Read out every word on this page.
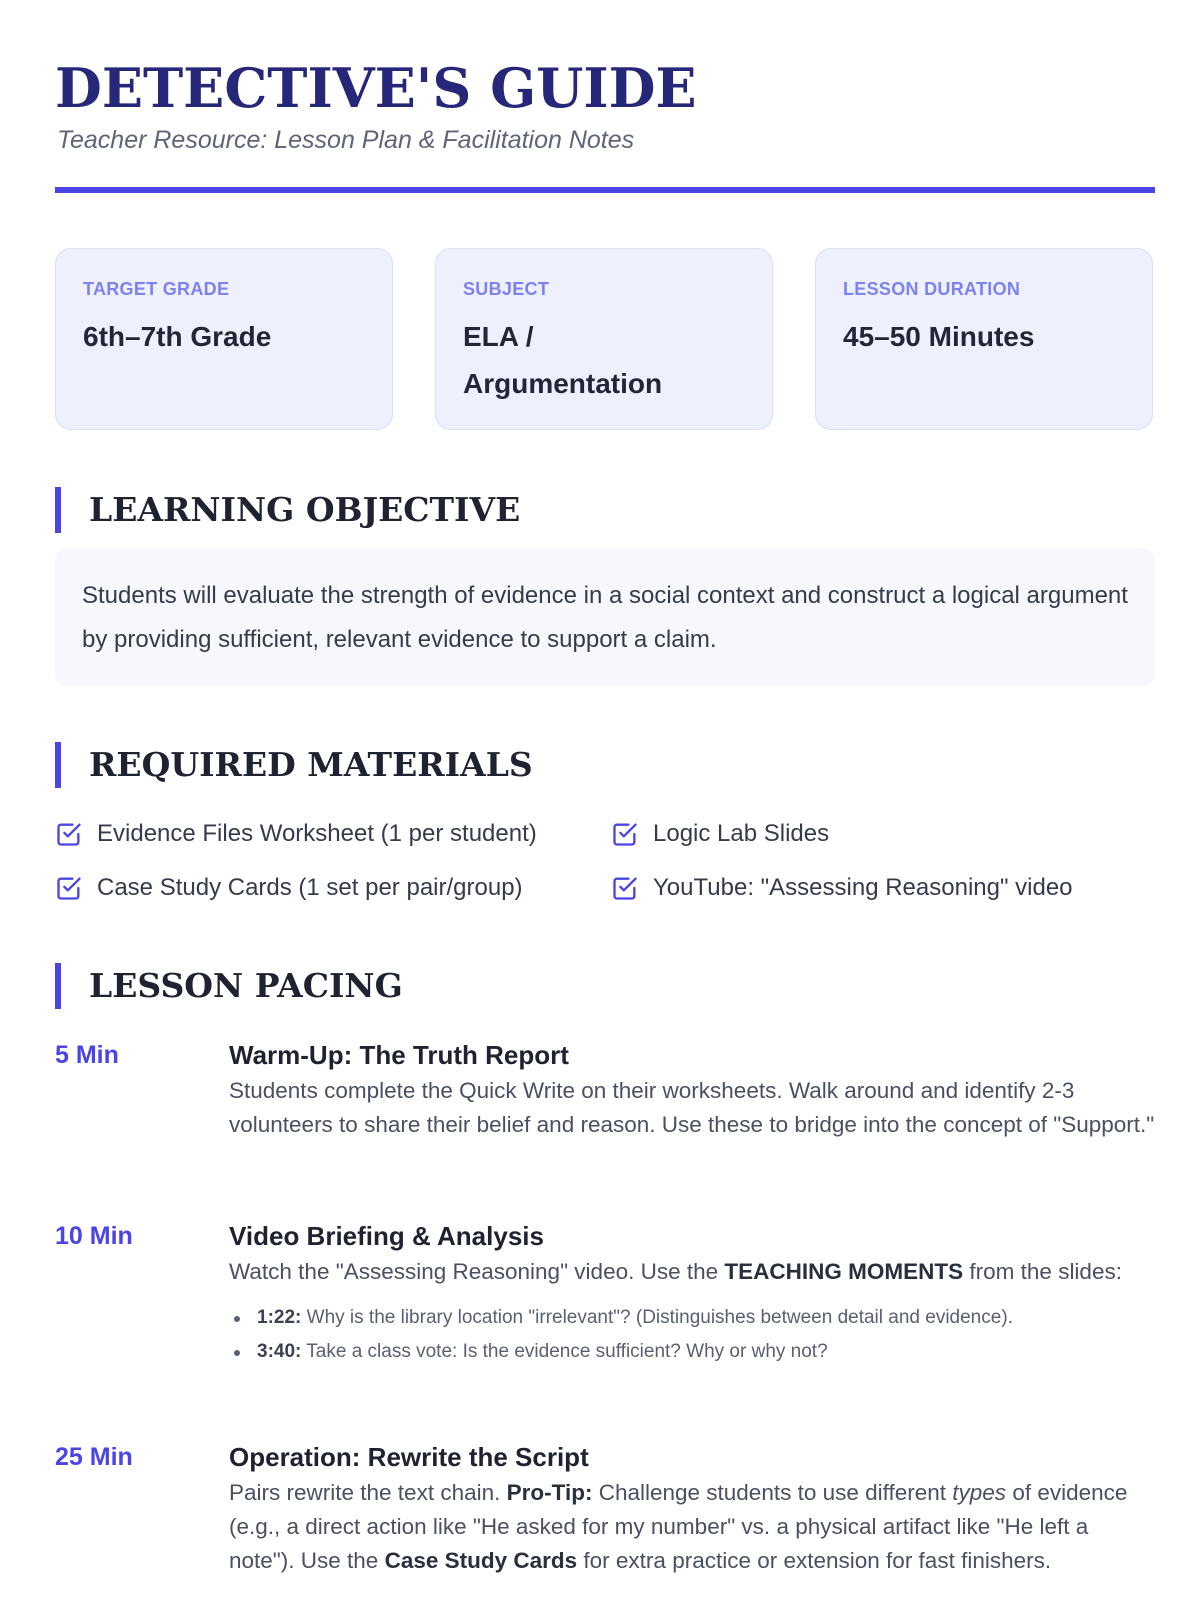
DETECTIVE'S GUIDE
Teacher Resource: Lesson Plan & Facilitation Notes
TARGET GRADE
6th–7th Grade
SUBJECT
ELA / Argumentation
LESSON DURATION
45–50 Minutes
LEARNING OBJECTIVE
Students will evaluate the strength of evidence in a social context and construct a logical argument by providing sufficient, relevant evidence to support a claim.
REQUIRED MATERIALS
Evidence Files Worksheet (1 per student)	Logic Lab Slides
Case Study Cards (1 set per pair/group)	YouTube: "Assessing Reasoning" video
LESSON PACING
5 Min	Warm-Up: The Truth Report
Students complete the Quick Write on their worksheets. Walk around and identify 2-3 volunteers to share their belief and reason. Use these to bridge into the concept of "Support."
10 Min	Video Briefing & Analysis
Watch the "Assessing Reasoning" video. Use the TEACHING MOMENTS from the slides:
1:22: Why is the library location "irrelevant"? (Distinguishes between detail and evidence).
3:40: Take a class vote: Is the evidence sufficient? Why or why not?
25 Min	Operation: Rewrite the Script
Pairs rewrite the text chain. Pro-Tip: Challenge students to use different types of evidence (e.g., a direct action like "He asked for my number" vs. a physical artifact like "He left a note"). Use the Case Study Cards for extra practice or extension for fast finishers.
